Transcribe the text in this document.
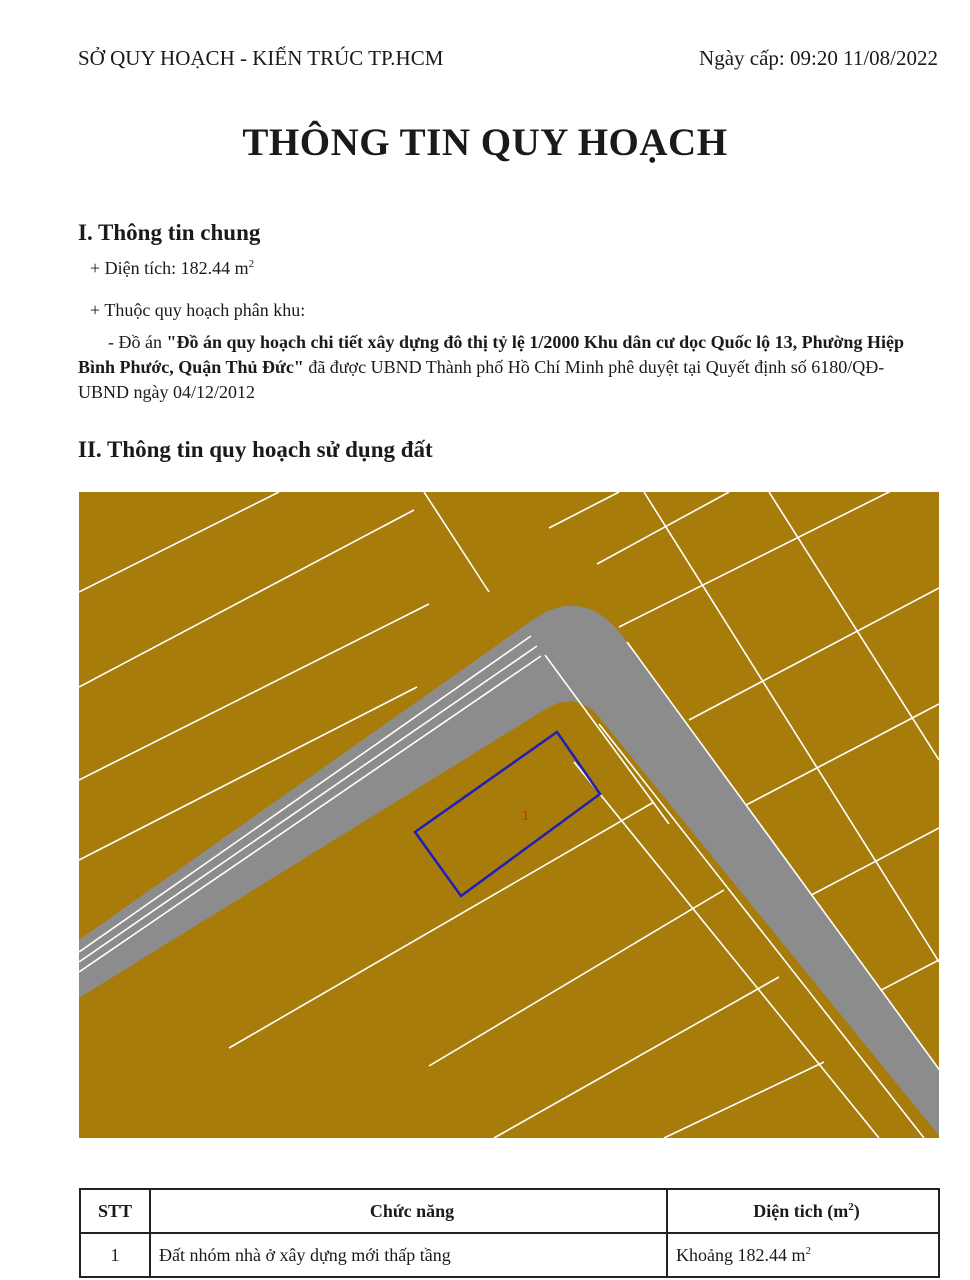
SỞ QUY HOẠCH - KIẾN TRÚC TP.HCM	Ngày cấp: 09:20 11/08/2022
THÔNG TIN QUY HOẠCH
I. Thông tin chung
+ Diện tích: 182.44 $m^2$
+ Thuộc quy hoạch phân khu:
- Đồ án "Đồ án quy hoạch chi tiết xây dựng đô thị tỷ lệ 1/2000 Khu dân cư dọc Quốc lộ 13, Phường Hiệp Bình Phước, Quận Thủ Đức" đã được UBND Thành phố Hồ Chí Minh phê duyệt tại Quyết định số 6180/QĐ-UBND ngày 04/12/2012
II. Thông tin quy hoạch sử dụng đất
1
STT	Chức năng	Diện tich $(m^2)$
1	Đất nhóm nhà ở xây dựng mới thấp tầng	Khoảng 182.44 $m^2$
